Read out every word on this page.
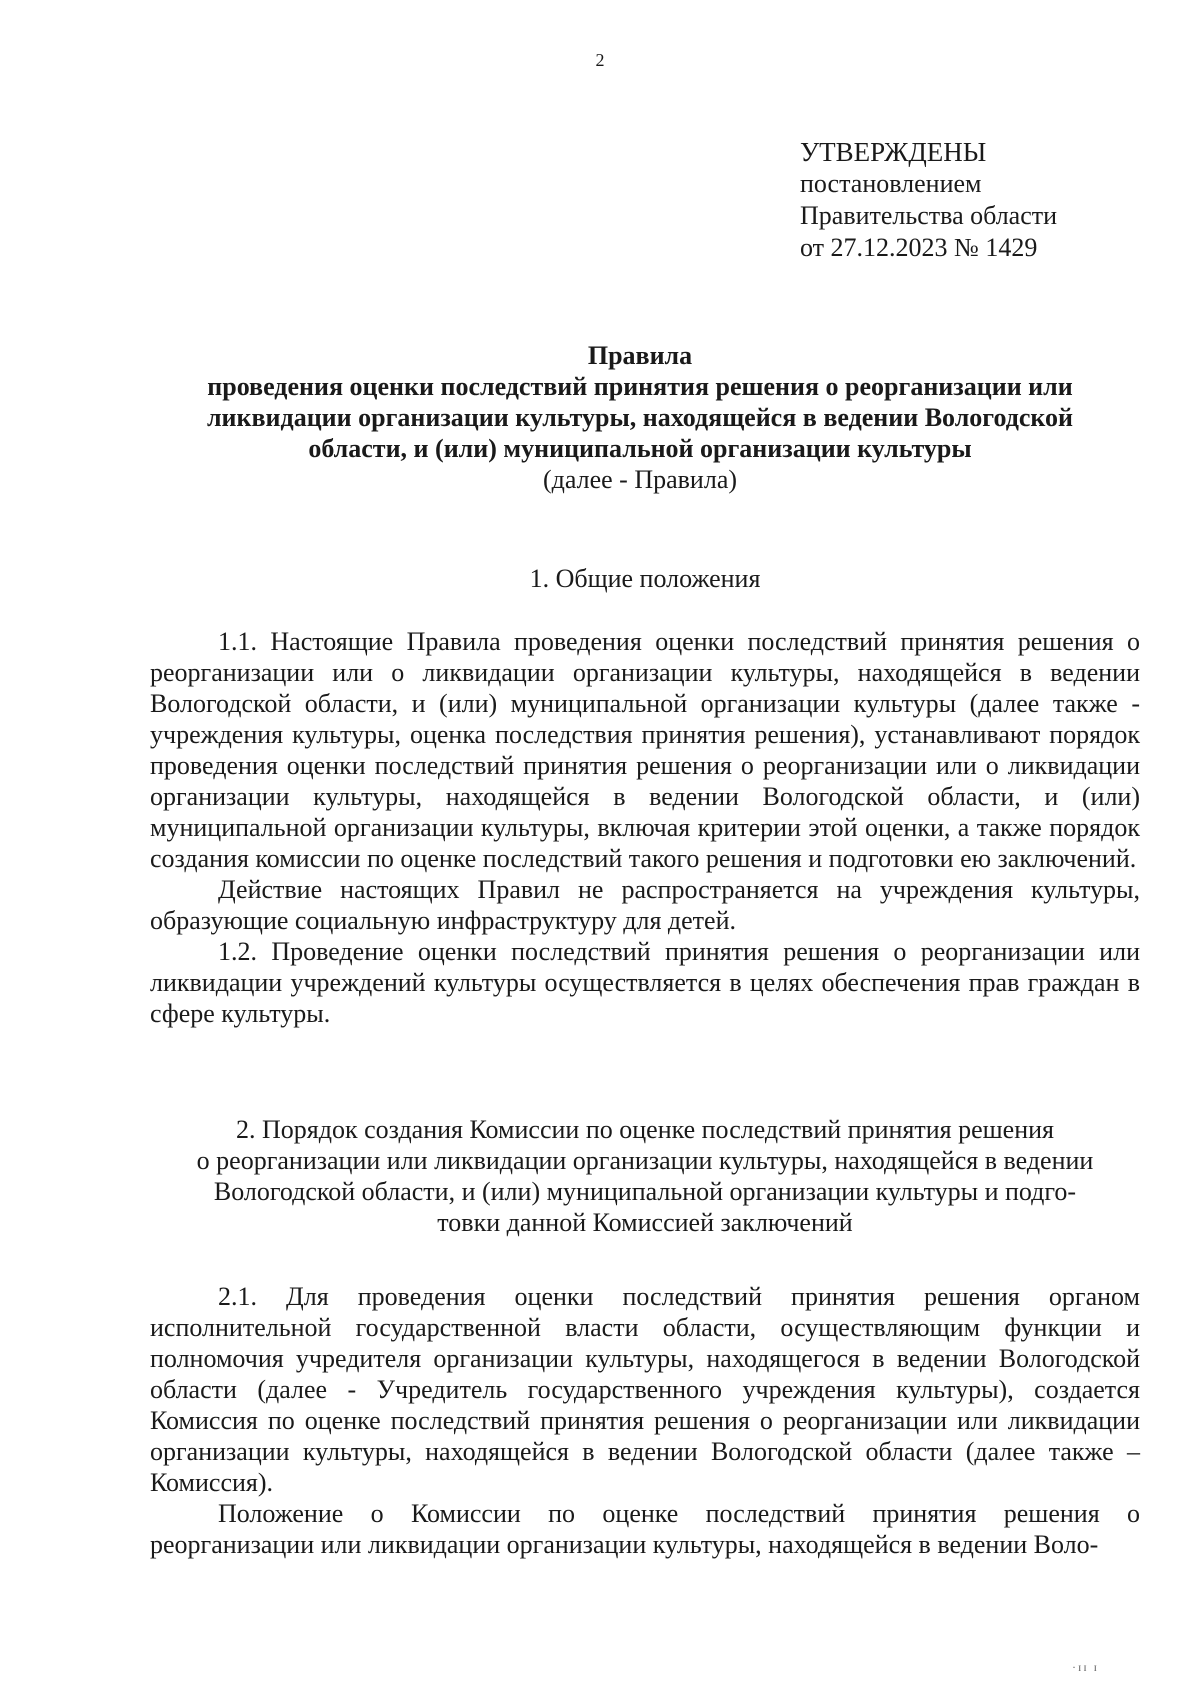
2
УТВЕРЖДЕНЫ
постановлением
Правительства области
от 27.12.2023 № 1429
Правила
проведения оценки последствий принятия решения о реорганизации или
ликвидации организации культуры, находящейся в ведении Вологодской
области, и (или) муниципальной организации культуры
(далее - Правила)
1. Общие положения

1.1. Настоящие Правила проведения оценки последствий принятия решения о реорганизации или о ликвидации организации культуры, находящейся в ведении Вологодской области, и (или) муниципальной организации культуры (далее также - учреждения культуры, оценка последствия принятия решения), устанавливают порядок проведения оценки последствий принятия решения о реорганизации или о ликвидации организации культуры, находящейся в ведении Вологодской области, и (или) муниципальной организации культуры, включая критерии этой оценки, а также порядок создания комиссии по оценке последствий такого решения и подготовки ею заключений.

Действие настоящих Правил не распространяется на учреждения культуры, образующие социальную инфраструктуру для детей.

1.2. Проведение оценки последствий принятия решения о реорганизации или ликвидации учреждений культуры осуществляется в целях обеспечения прав граждан в сфере культуры.

2. Порядок создания Комиссии по оценке последствий принятия решения
о реорганизации или ликвидации организации культуры, находящейся в ведении
Вологодской области, и (или) муниципальной организации культуры и подго-
товки данной Комиссией заключений

2.1. Для проведения оценки последствий принятия решения органом исполнительной государственной власти области, осуществляющим функции и полномочия учредителя организации культуры, находящегося в ведении Вологодской области (далее - Учредитель государственного учреждения культуры), создается Комиссия по оценке последствий принятия решения о реорганизации или ликвидации организации культуры, находящейся в ведении Вологодской области (далее также – Комиссия).

Положение о Комиссии по оценке последствий принятия решения о реорганизации или ликвидации организации культуры, находящейся в ведении Воло-

·ɪɪ ɪ
